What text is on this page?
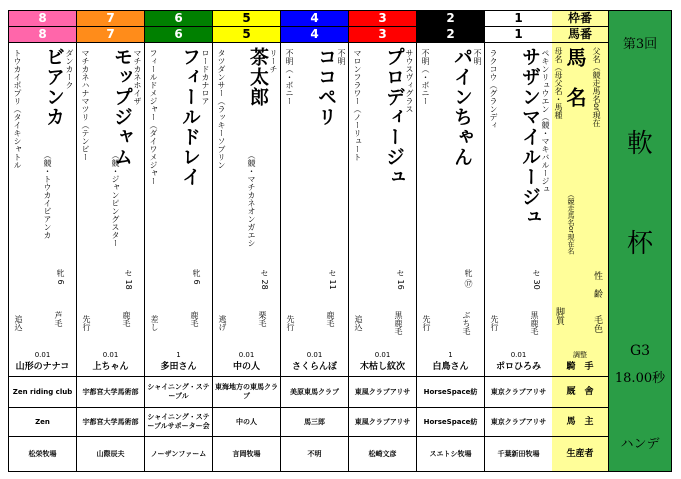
1
1
ペキンリュウエン（競・マキバルージュ
サザンマイルージュ
ラクコウ（グランディ
セ 30
黒鹿毛
先行
0.01
ポロひろみ
東京クラブアリサ
東京クラブアリサ
千葉新田牧場
2
2
不明
パインちゃん
不明（・ボニー
牝 ⑰
ぶち毛
先行
1
白鳥さん
HorseSpace紡
HorseSpace紡
スエトシ牧場
3
3
サウスヴィグラス
プロディージュ
マロンフラワー（ノーリュート
セ 16
黒鹿毛
追込
0.01
木枯し紋次
東風クラブアリサ
東風クラブアリサ
松崎文彦
4
4
不明
ココペリ
不明（・ボニー
セ 11
鹿毛
先行
0.01
さくらんぼ
美原東馬クラブ
馬三郎
不明
5
5
リーチ
茶太郎
タツダンサー（ラッキーソブリン
（競・マチカネオンガエシ
セ 28
栗毛
逃げ
0.01
中の人
東海地方の東馬クラブ
中の人
言岡牧場
6
6
ロードカナロア
フィールドレイ
フィールドメジャー（ダイワメジャー
牝 6
鹿毛
差し
1
多田さん
シャイニング・ステーブル
シャイニング・ステーブルサポーター会
ノーザンファーム
7
7
マチカネホイザ
モップジャム
マチカネハナマツリ（テンビー
（競・ジャンピングスター
セ 18
鹿毛
先行
0.01
上ちゃん
宇都宮大学馬術部
宇都宮大学馬術部
山際辰夫
8
8
ダンカーク
ビアンカ
トウカイポプリ（タイキシャトル
（競・トウカイビアンカ
牝 6
芦毛
追込
0.01
山形のナナコ
Zen riding club
Zen
松栄牧場
枠番
馬番
父名（競走馬名or現在
性　齢
毛色
馬　名
母名（母父名・馬種
（競走馬名or現在名
脚質
調整
騎　手
厩　舎
馬　主
生産者
第3回
軟
杯
G3
18.00秒
ハンデ
